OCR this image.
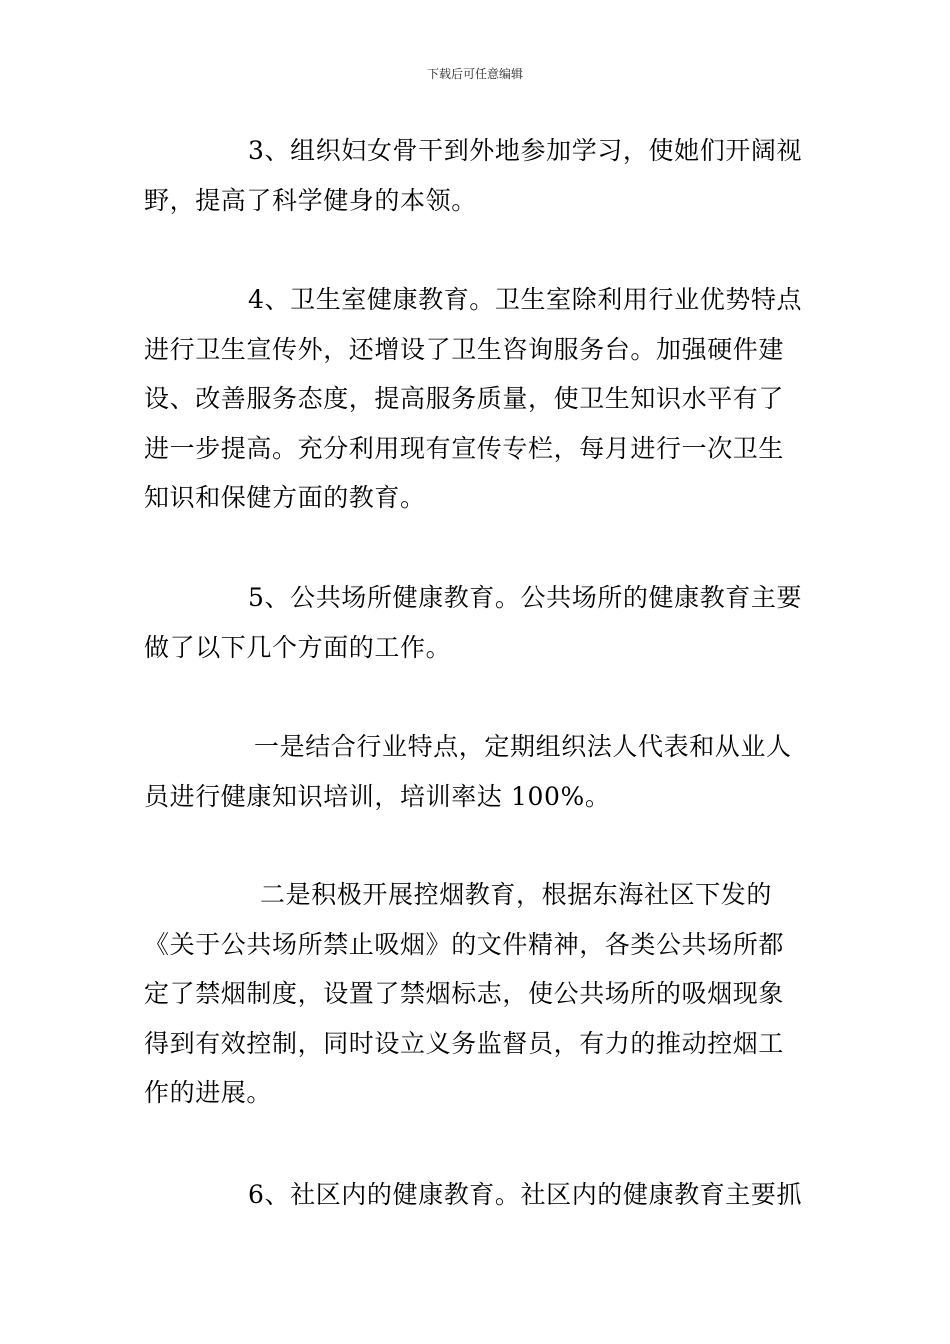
下载后可任意编辑
3、组织妇女骨干到外地参加学习，使她们开阔视
野，提高了科学健身的本领。
4、卫生室健康教育。卫生室除利用行业优势特点
进行卫生宣传外，还增设了卫生咨询服务台。加强硬件建
设、改善服务态度，提高服务质量，使卫生知识水平有了
进一步提高。充分利用现有宣传专栏，每月进行一次卫生
知识和保健方面的教育。
5、公共场所健康教育。公共场所的健康教育主要
做了以下几个方面的工作。
一是结合行业特点，定期组织法人代表和从业人
员进行健康知识培训，培训率达 100%。
二是积极开展控烟教育，根据东海社区下发的
《关于公共场所禁止吸烟》的文件精神，各类公共场所都
定了禁烟制度，设置了禁烟标志，使公共场所的吸烟现象
得到有效控制，同时设立义务监督员，有力的推动控烟工
作的进展。
6、社区内的健康教育。社区内的健康教育主要抓
